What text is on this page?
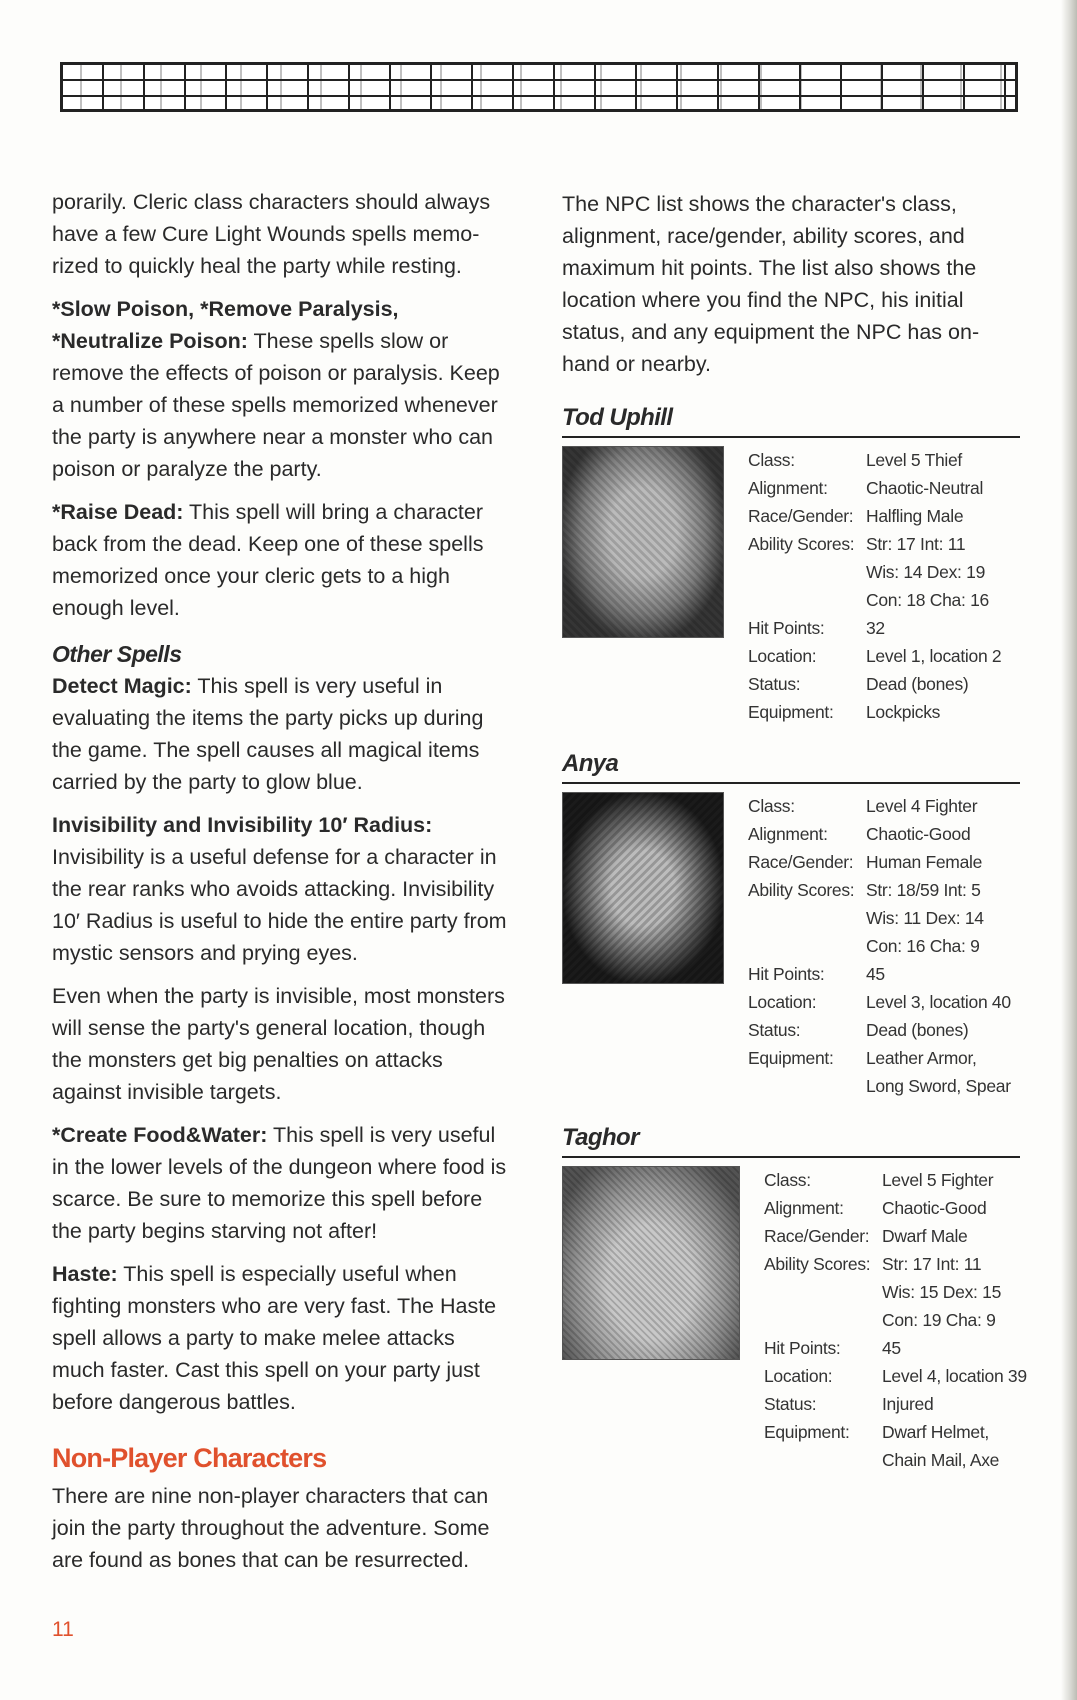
porarily. Cleric class characters should always have a few Cure Light Wounds spells memorized to quickly heal the party while resting.

*Slow Poison, *Remove Paralysis, *Neutralize Poison: These spells slow or remove the effects of poison or paralysis. Keep a number of these spells memorized whenever the party is anywhere near a monster who can poison or paralyze the party.

*Raise Dead: This spell will bring a character back from the dead. Keep one of these spells memorized once your cleric gets to a high enough level.

Other Spells

Detect Magic: This spell is very useful in evaluating the items the party picks up during the game. The spell causes all magical items carried by the party to glow blue.

Invisibility and Invisibility 10′ Radius: Invisibility is a useful defense for a character in the rear ranks who avoids attacking. Invisibility 10′ Radius is useful to hide the entire party from mystic sensors and prying eyes.

Even when the party is invisible, most monsters will sense the party's general location, though the monsters get big penalties on attacks against invisible targets.

*Create Food&Water: This spell is very useful in the lower levels of the dungeon where food is scarce. Be sure to memorize this spell before the party begins starving not after!

Haste: This spell is especially useful when fighting monsters who are very fast. The Haste spell allows a party to make melee attacks much faster. Cast this spell on your party just before dangerous battles.

Non-Player Characters

There are nine non-player characters that can join the party throughout the adventure. Some are found as bones that can be resurrected.

11

The NPC list shows the character's class, alignment, race/gender, ability scores, and maximum hit points. The list also shows the location where you find the NPC, his initial status, and any equipment the NPC has on-hand or nearby.

Tod Uphill
Class:	Level 5 Thief
Alignment:	Chaotic-Neutral
Race/Gender: Halfling Male
Ability Scores: Str: 17 Int: 11
Wis: 14 Dex: 19
Con: 18 Cha: 16
Hit Points:	32
Location:	Level 1, location 2
Status:	Dead (bones)
Equipment:	Lockpicks
Anya
Class:	Level 4 Fighter
Alignment:	Chaotic-Good
Race/Gender: Human Female
Ability Scores: Str: 18/59 Int: 5
Wis: 11 Dex: 14
Con: 16 Cha: 9
Hit Points:	45
Location:	Level 3, location 40
Status:	Dead (bones)
Equipment:	Leather Armor, Long Sword, Spear
Taghor
Class:	Level 5 Fighter
Alignment:	Chaotic-Good
Race/Gender: Dwarf Male
Ability Scores: Str: 17 Int: 11
Wis: 15 Dex: 15
Con: 19 Cha: 9
Hit Points:	45
Location:	Level 4, location 39
Status:	Injured
Equipment:	Dwarf Helmet, Chain Mail, Axe
